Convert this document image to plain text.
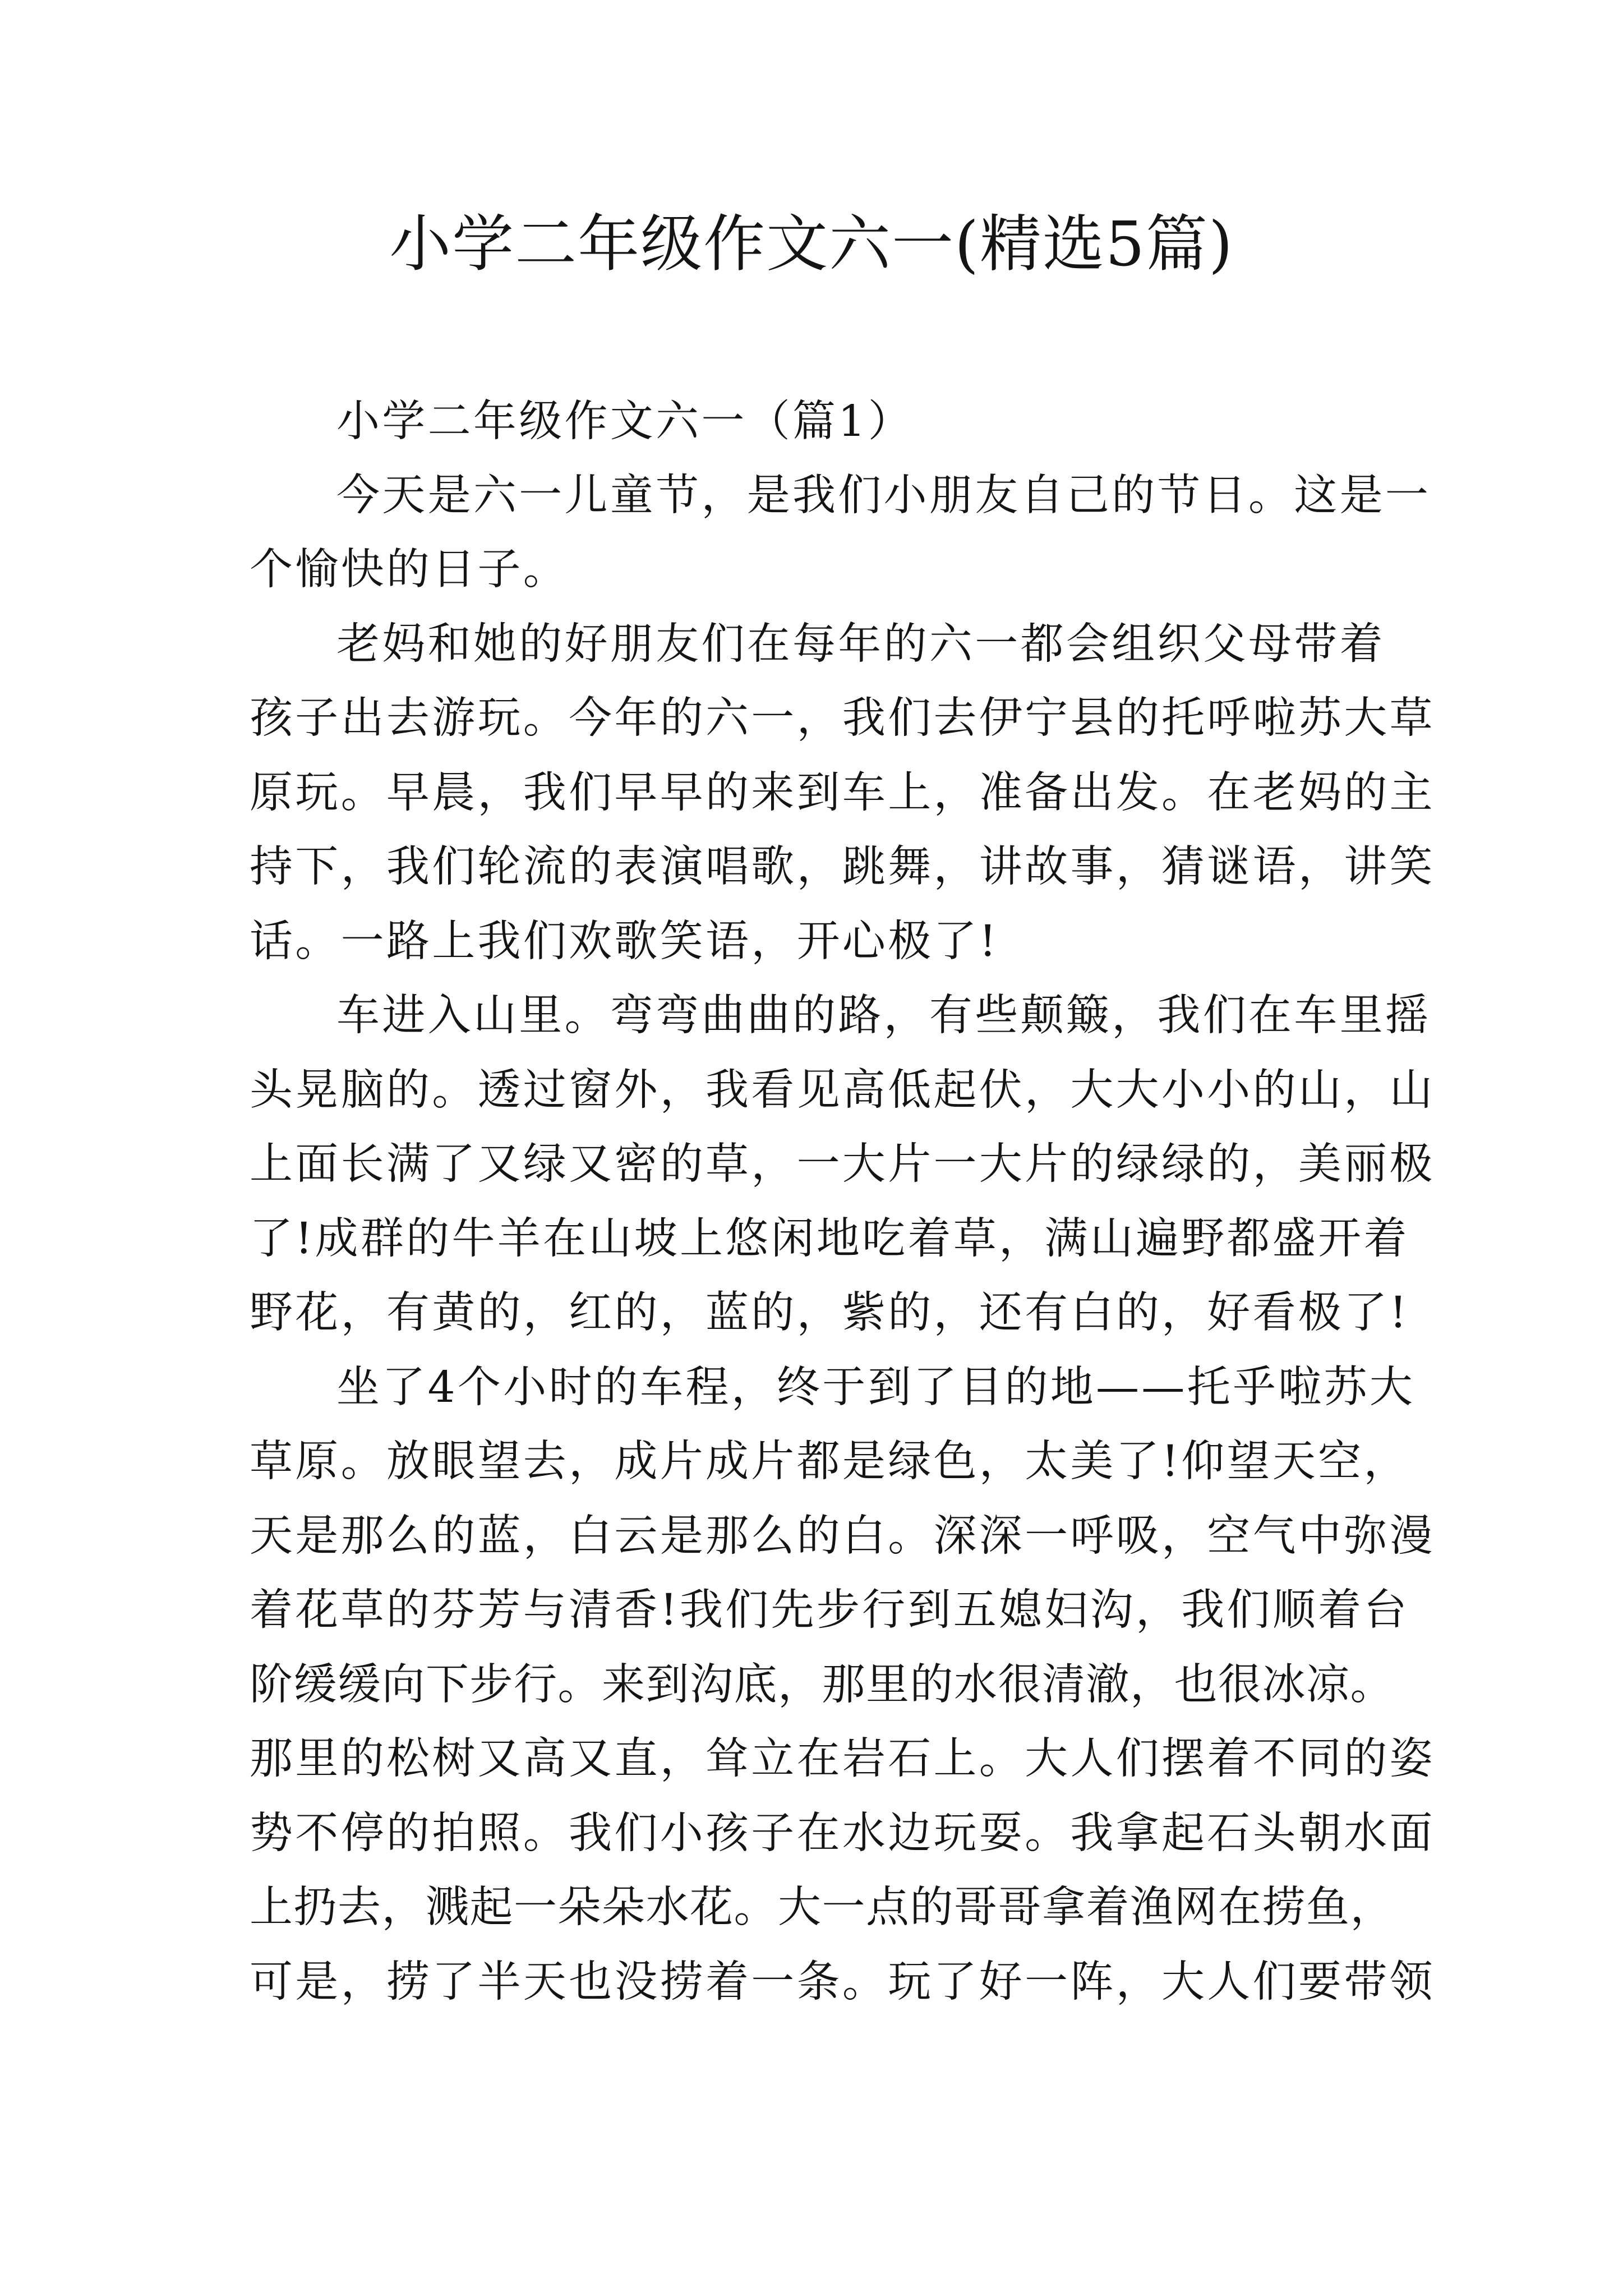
小学二年级作文六一(精选5篇)

小学二年级作文六一（篇1）

今天是六一儿童节，是我们小朋友自己的节日。这是一

个愉快的日子。

老妈和她的好朋友们在每年的六一都会组织父母带着

孩子出去游玩。今年的六一，我们去伊宁县的托呼啦苏大草

原玩。早晨，我们早早的来到车上，准备出发。在老妈的主

持下，我们轮流的表演唱歌，跳舞，讲故事，猜谜语，讲笑

话。一路上我们欢歌笑语，开心极了!

车进入山里。弯弯曲曲的路，有些颠簸，我们在车里摇

头晃脑的。透过窗外，我看见高低起伏，大大小小的山，山

上面长满了又绿又密的草，一大片一大片的绿绿的，美丽极

了!成群的牛羊在山坡上悠闲地吃着草，满山遍野都盛开着

野花，有黄的，红的，蓝的，紫的，还有白的，好看极了!

坐了4个小时的车程，终于到了目的地——托乎啦苏大

草原。放眼望去，成片成片都是绿色，太美了!仰望天空，

天是那么的蓝，白云是那么的白。深深一呼吸，空气中弥漫

着花草的芬芳与清香!我们先步行到五媳妇沟，我们顺着台

阶缓缓向下步行。来到沟底，那里的水很清澈，也很冰凉。

那里的松树又高又直，耸立在岩石上。大人们摆着不同的姿

势不停的拍照。我们小孩子在水边玩耍。我拿起石头朝水面

上扔去，溅起一朵朵水花。大一点的哥哥拿着渔网在捞鱼，

可是，捞了半天也没捞着一条。玩了好一阵，大人们要带领
